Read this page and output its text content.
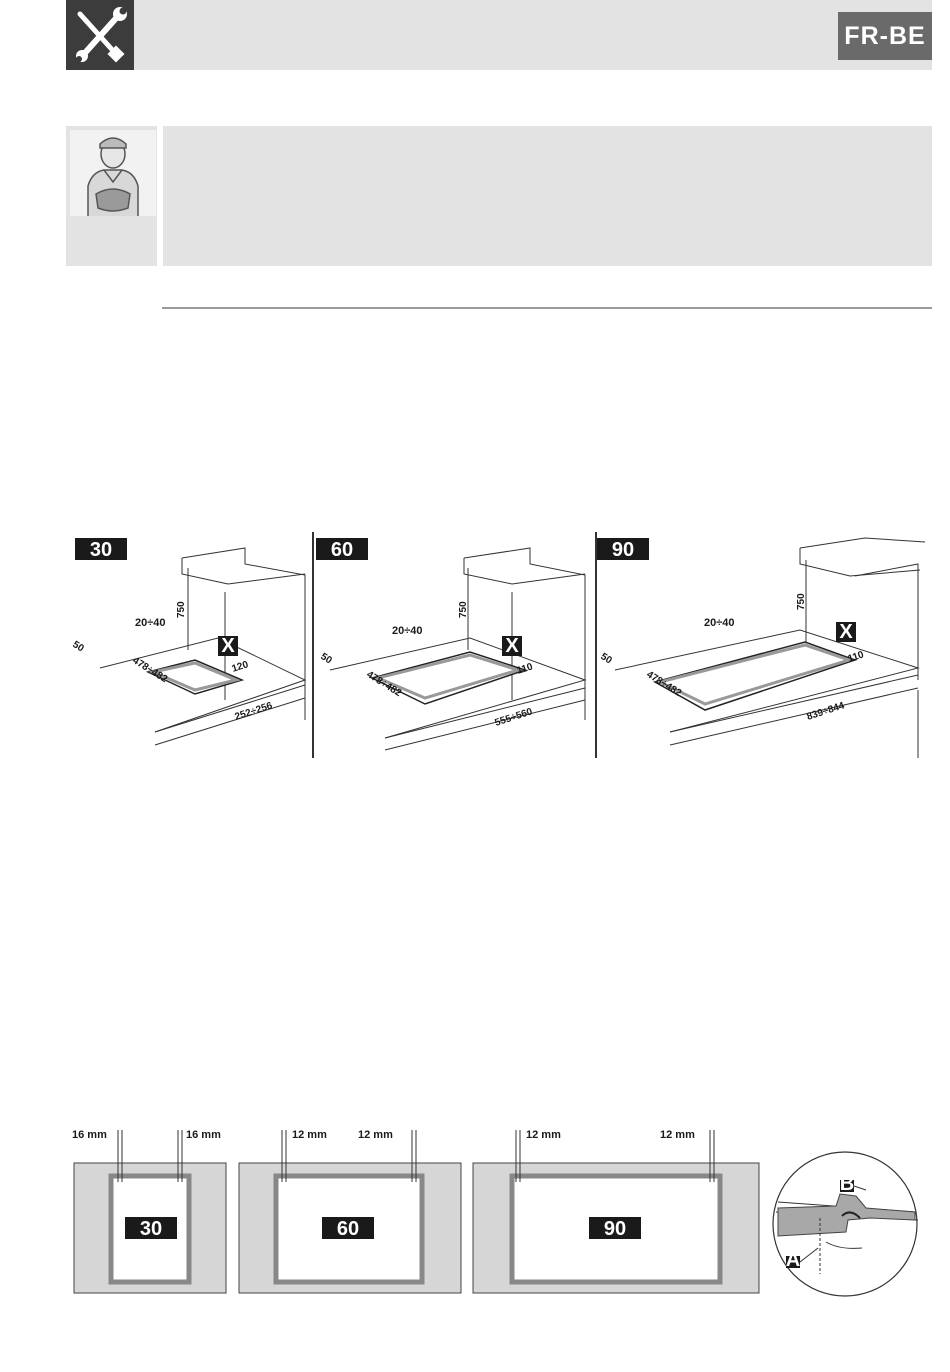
FR-BE
30
X
750
20÷40
50
478÷482	120
252÷256
60
X
750
20÷40
50
478÷482
110
555÷560
90
X
750
20÷40
50
478÷482
110
839÷844
16 mm	16 mm
30
12 mm	12 mm
60
12 mm	12 mm
90
B
A
